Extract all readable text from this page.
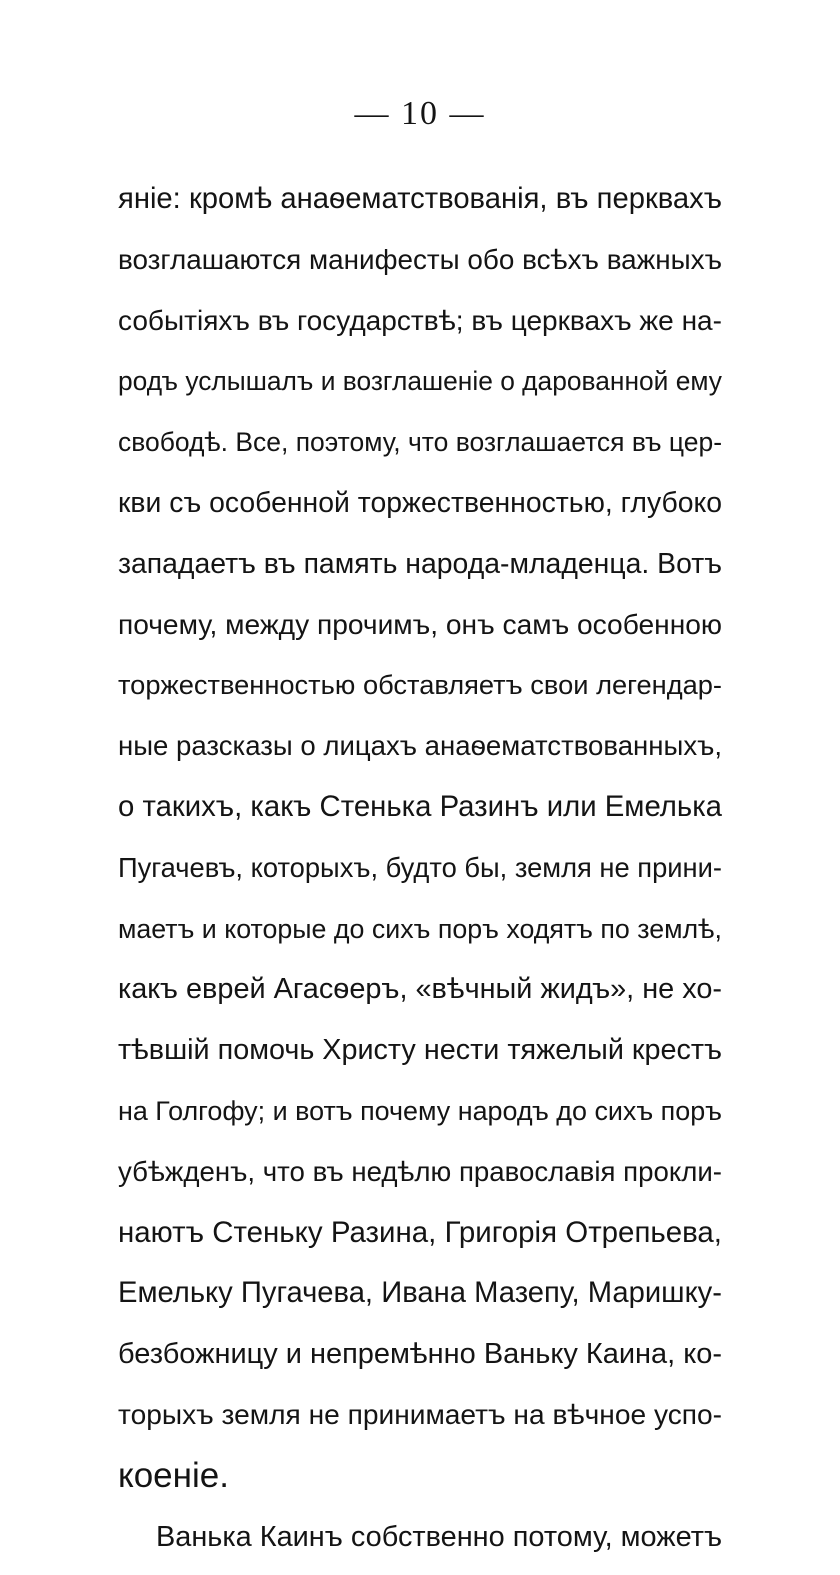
— 10 —
яніе: кромѣ анаѳематствованія, въ перквахъ
возглашаются манифесты обо всѣхъ важныхъ
событіяхъ въ государствѣ; въ церквахъ же на-
родъ услышалъ и возглашеніе о дарованной ему
свободѣ. Все, поэтому, что возглашается въ цер-
кви съ особенной торжественностью, глубоко
западаетъ въ память народа-младенца. Вотъ
почему, между прочимъ, онъ самъ особенною
торжественностью обставляетъ свои легендар-
ные разсказы о лицахъ анаѳематствованныхъ,
о такихъ, какъ Стенька Разинъ или Емелька
Пугачевъ, которыхъ, будто бы, земля не прини-
маетъ и которые до сихъ поръ ходятъ по землѣ,
какъ еврей Агасѳеръ, «вѣчный жидъ», не хо-
тѣвшій помочь Христу нести тяжелый крестъ
на Голгофу; и вотъ почему народъ до сихъ поръ
убѣжденъ, что въ недѣлю православія прокли-
наютъ Стеньку Разина, Григорія Отрепьева,
Емельку Пугачева, Ивана Мазепу, Маришку-
безбожницу и непремѣнно Ваньку Каина, ко-
торыхъ земля не принимаетъ на вѣчное успо-
коеніе.
Ванька Каинъ собственно потому, можетъ
